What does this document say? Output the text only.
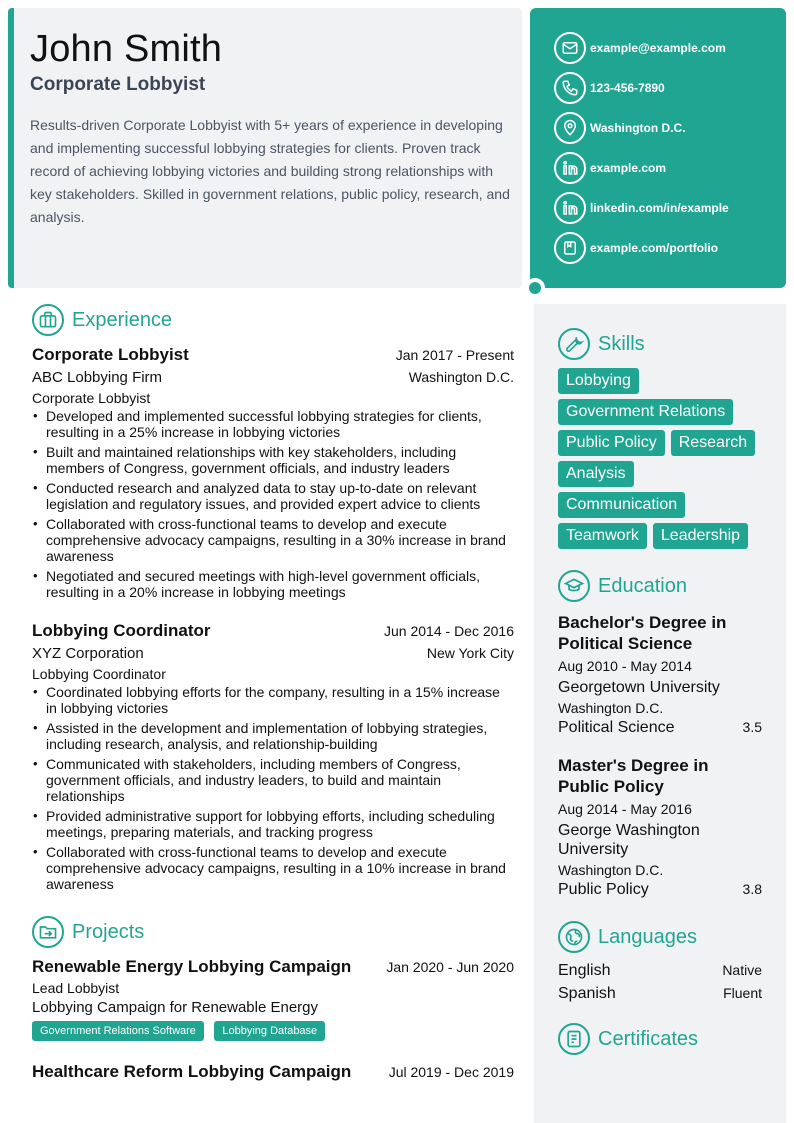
John Smith
Corporate Lobbyist

Results-driven Corporate Lobbyist with 5+ years of experience in developing and implementing successful lobbying strategies for clients. Proven track record of achieving lobbying victories and building strong relationships with key stakeholders. Skilled in government relations, public policy, research, and analysis.

example@example.com
123-456-7890
Washington D.C.
example.com
linkedin.com/in/example
example.com/portfolio
Experience
Corporate Lobbyist	Jan 2017 - Present
ABC Lobbying Firm	Washington D.C.
Corporate Lobbyist
• Developed and implemented successful lobbying strategies for clients, resulting in a 25% increase in lobbying victories
• Built and maintained relationships with key stakeholders, including members of Congress, government officials, and industry leaders
• Conducted research and analyzed data to stay up-to-date on relevant legislation and regulatory issues, and provided expert advice to clients
• Collaborated with cross-functional teams to develop and execute comprehensive advocacy campaigns, resulting in a 30% increase in brand awareness
• Negotiated and secured meetings with high-level government officials, resulting in a 20% increase in lobbying meetings
Lobbying Coordinator	Jun 2014 - Dec 2016
XYZ Corporation	New York City
Lobbying Coordinator
• Coordinated lobbying efforts for the company, resulting in a 15% increase in lobbying victories
• Assisted in the development and implementation of lobbying strategies, including research, analysis, and relationship-building
• Communicated with stakeholders, including members of Congress, government officials, and industry leaders, to build and maintain relationships
• Provided administrative support for lobbying efforts, including scheduling meetings, preparing materials, and tracking progress
• Collaborated with cross-functional teams to develop and execute comprehensive advocacy campaigns, resulting in a 10% increase in brand awareness
Projects
Renewable Energy Lobbying Campaign	Jan 2020 - Jun 2020
Lead Lobbyist
Lobbying Campaign for Renewable Energy
Government Relations Software Lobbying Database
Healthcare Reform Lobbying Campaign	Jul 2019 - Dec 2019
Skills
Lobbying
Government Relations
Public Policy Research
Analysis
Communication
Teamwork Leadership
Education
Bachelor's Degree in Political Science
Aug 2010 - May 2014
Georgetown University
Washington D.C.
Political Science	3.5
Master's Degree in Public Policy
Aug 2014 - May 2016
George Washington University
Washington D.C.
Public Policy	3.8
Languages
English	Native
Spanish	Fluent
Certificates
